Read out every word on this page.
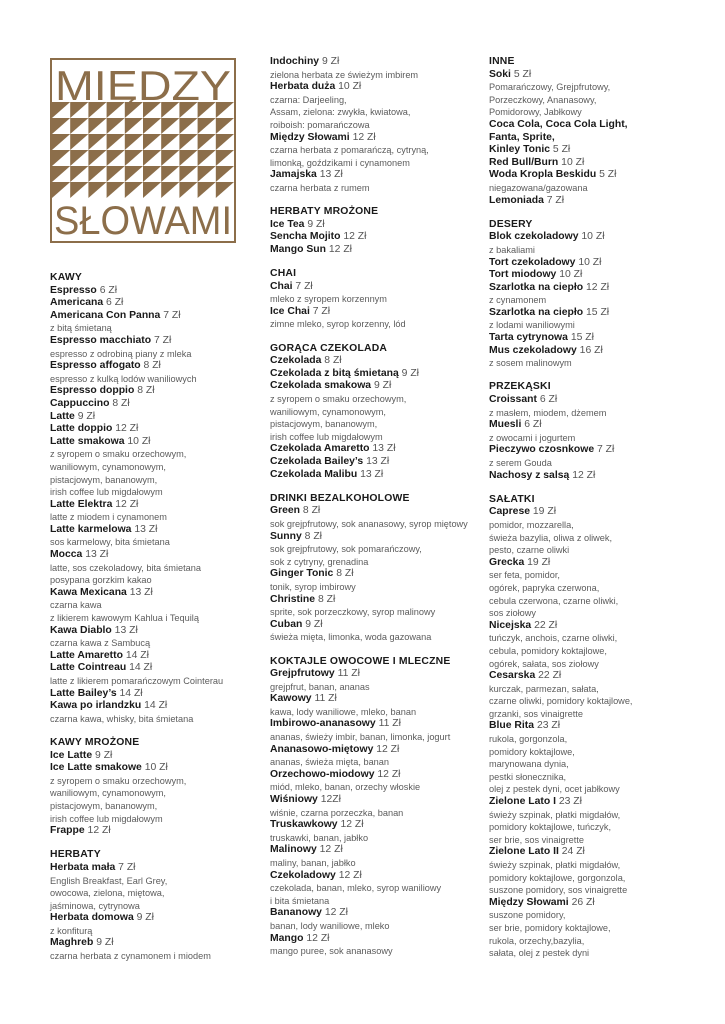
MIĘDZY
SŁOWAMI
KAWY
Espresso 6 Zł
Americana 6 Zł
Americana Con Panna 7 Zł
z bitą śmietaną
Espresso macchiato 7 Zł
espresso z odrobiną piany z mleka
Espresso affogato 8 Zł
espresso z kulką lodów waniliowych
Espresso doppio 8 Zł
Cappuccino 8 Zł
Latte 9 Zł
Latte doppio 12 Zł
Latte smakowa 10 Zł
z syropem o smaku orzechowym,
waniliowym, cynamonowym,
pistacjowym, bananowym,
irish coffee lub migdałowym
Latte Elektra 12 Zł
latte z miodem i cynamonem
Latte karmelowa 13 Zł
sos karmelowy, bita śmietana
Mocca 13 Zł
latte, sos czekoladowy, bita śmietana
posypana gorzkim kakao
Kawa Mexicana 13 Zł
czarna kawa
z likierem kawowym Kahlua i Tequilą
Kawa Diablo 13 Zł
czarna kawa z Sambucą
Latte Amaretto 14 Zł
Latte Cointreau 14 Zł
latte z likierem pomarańczowym Cointerau
Latte Bailey’s 14 Zł
Kawa po irlandzku 14 Zł
czarna kawa, whisky, bita śmietana
KAWY MROŻONE
Ice Latte 9 Zł
Ice Latte smakowe 10 Zł
z syropem o smaku orzechowym,
waniliowym, cynamonowym,
pistacjowym, bananowym,
irish coffee lub migdałowym
Frappe 12 Zł
HERBATY
Herbata mała 7 Zł
English Breakfast, Earl Grey,
owocowa, zielona, miętowa,
jaśminowa, cytrynowa
Herbata domowa 9 Zł
z konfiturą
Maghreb 9 Zł
czarna herbata z cynamonem i miodem
Indochiny 9 Zł
zielona herbata ze świeżym imbirem
Herbata duża 10 Zł
czarna: Darjeeling,
Assam, zielona: zwykła, kwiatowa,
roiboish: pomarańczowa
Między Słowami 12 Zł
czarna herbata z pomarańczą, cytryną,
limonką, goździkami i cynamonem
Jamajska 13 Zł
czarna herbata z rumem
HERBATY MROŻONE
Ice Tea 9 Zł
Sencha Mojito 12 Zł
Mango Sun 12 Zł
CHAI
Chai 7 Zł
mleko z syropem korzennym
Ice Chai 7 Zł
zimne mleko, syrop korzenny, lód
GORĄCA CZEKOLADA
Czekolada 8 Zł
Czekolada z bitą śmietaną 9 Zł
Czekolada smakowa 9 Zł
z syropem o smaku orzechowym,
waniliowym, cynamonowym,
pistacjowym, bananowym,
irish coffee lub migdałowym
Czekolada Amaretto 13 Zł
Czekolada Bailey’s 13 Zł
Czekolada Malibu 13 Zł
DRINKI BEZALKOHOLOWE
Green 8 Zł
sok grejpfrutowy, sok ananasowy, syrop miętowy
Sunny 8 Zł
sok grejpfrutowy, sok pomarańczowy,
sok z cytryny, grenadina
Ginger Tonic 8 Zł
tonik, syrop imbirowy
Christine 8 Zł
sprite, sok porzeczkowy, syrop malinowy
Cuban 9 Zł
świeża mięta, limonka, woda gazowana
KOKTAJLE OWOCOWE I MLECZNE
Grejpfrutowy 11 Zł
grejpfrut, banan, ananas
Kawowy 11 Zł
kawa, lody waniliowe, mleko, banan
Imbirowo-ananasowy 11 Zł
ananas, świeży imbir, banan, limonka, jogurt
Ananasowo-miętowy 12 Zł
ananas, świeża mięta, banan
Orzechowo-miodowy 12 Zł
miód, mleko, banan, orzechy włoskie
Wiśniowy 12Zł
wiśnie, czarna porzeczka, banan
Truskawkowy 12 Zł
truskawki, banan, jabłko
Malinowy 12 Zł
maliny, banan, jabłko
Czekoladowy 12 Zł
czekolada, banan, mleko, syrop waniliowy
i bita śmietana
Bananowy 12 Zł
banan, lody waniliowe, mleko
Mango 12 Zł
mango puree, sok ananasowy
INNE
Soki 5 Zł
Pomarańczowy, Grejpfrutowy,
Porzeczkowy, Ananasowy,
Pomidorowy, Jabłkowy
Coca Cola, Coca Cola Light,
Fanta, Sprite,
Kinley Tonic 5 Zł
Red Bull/Burn 10 Zł
Woda Kropla Beskidu 5 Zł
niegazowana/gazowana
Lemoniada 7 Zł
DESERY
Blok czekoladowy 10 Zł
z bakaliami
Tort czekoladowy 10 Zł
Tort miodowy 10 Zł
Szarlotka na ciepło 12 Zł
z cynamonem
Szarlotka na ciepło 15 Zł
z lodami waniliowymi
Tarta cytrynowa 15 Zł
Mus czekoladowy 16 Zł
z sosem malinowym
PRZEKĄSKI
Croissant 6 Zł
z masłem, miodem, dżemem
Muesli 6 Zł
z owocami i jogurtem
Pieczywo czosnkowe 7 Zł
z serem Gouda
Nachosy z salsą 12 Zł
SAŁATKI
Caprese 19 Zł
pomidor, mozzarella,
świeża bazylia, oliwa z oliwek,
pesto, czarne oliwki
Grecka 19 Zł
ser feta, pomidor,
ogórek, papryka czerwona,
cebula czerwona, czarne oliwki,
sos ziołowy
Nicejska 22 Zł
tuńczyk, anchois, czarne oliwki,
cebula, pomidory koktajlowe,
ogórek, sałata, sos ziołowy
Cesarska 22 Zł
kurczak, parmezan, sałata,
czarne oliwki, pomidory koktajlowe,
grzanki, sos vinaigrette
Blue Rita 23 Zł
rukola, gorgonzola,
pomidory koktajlowe,
marynowana dynia,
pestki słonecznika,
olej z pestek dyni, ocet jabłkowy
Zielone Lato I 23 Zł
świeży szpinak, płatki migdałów,
pomidory koktajlowe, tuńczyk,
ser brie, sos vinaigrette
Zielone Lato II 24 Zł
świeży szpinak, płatki migdałów,
pomidory koktajlowe, gorgonzola,
suszone pomidory, sos vinaigrette
Między Słowami 26 Zł
suszone pomidory,
ser brie, pomidory koktajlowe,
rukola, orzechy,bazylia,
sałata, olej z pestek dyni
